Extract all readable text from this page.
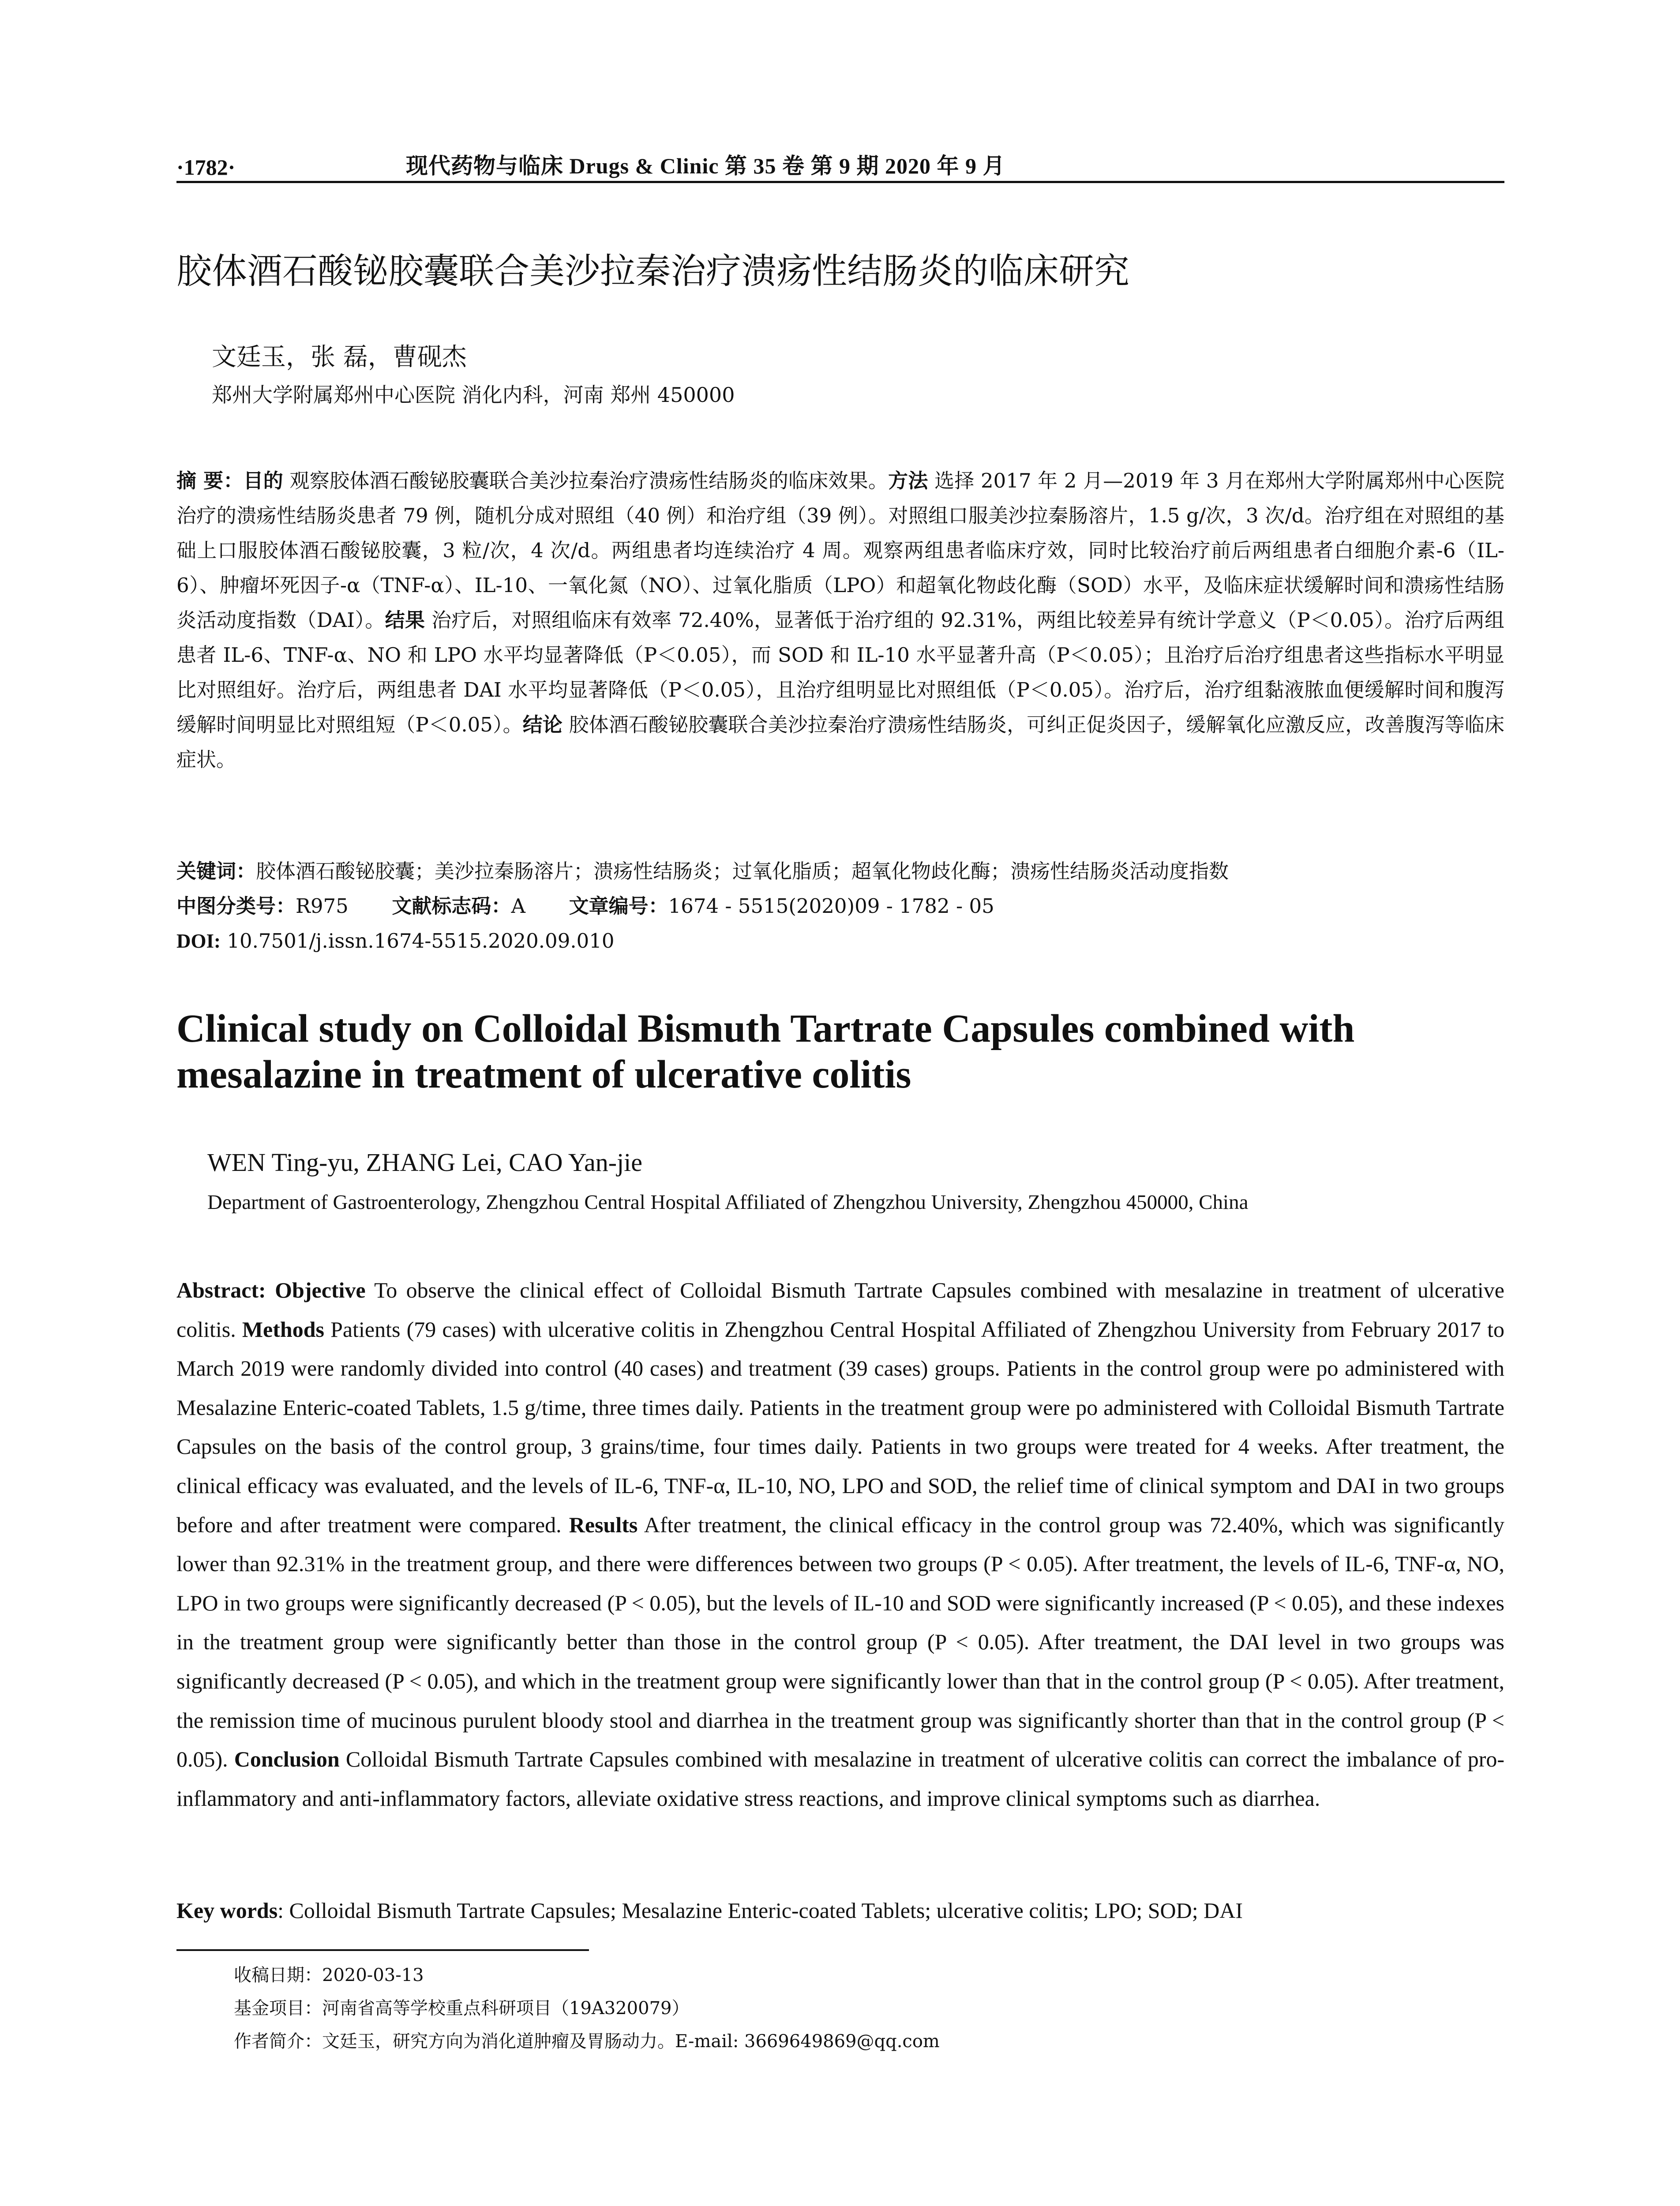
·1782·	现代药物与临床 Drugs & Clinic 第 35 卷 第 9 期 2020 年 9 月
胶体酒石酸铋胶囊联合美沙拉秦治疗溃疡性结肠炎的临床研究
文廷玉，张 磊，曹砚杰
郑州大学附属郑州中心医院 消化内科，河南 郑州 450000
摘 要：目的 观察胶体酒石酸铋胶囊联合美沙拉秦治疗溃疡性结肠炎的临床效果。方法 选择 2017 年 2 月—2019 年 3 月在郑州大学附属郑州中心医院治疗的溃疡性结肠炎患者 79 例，随机分成对照组（40 例）和治疗组（39 例）。对照组口服美沙拉秦肠溶片，1.5 g/次，3 次/d。治疗组在对照组的基础上口服胶体酒石酸铋胶囊，3 粒/次，4 次/d。两组患者均连续治疗 4 周。观察两组患者临床疗效，同时比较治疗前后两组患者白细胞介素-6（IL-6）、肿瘤坏死因子-α（TNF-α）、IL-10、一氧化氮（NO）、过氧化脂质（LPO）和超氧化物歧化酶（SOD）水平，及临床症状缓解时间和溃疡性结肠炎活动度指数（DAI）。结果 治疗后，对照组临床有效率 72.40%，显著低于治疗组的 92.31%，两组比较差异有统计学意义（P＜0.05）。治疗后两组患者 IL-6、TNF-α、NO 和 LPO 水平均显著降低（P＜0.05），而 SOD 和 IL-10 水平显著升高（P＜0.05）；且治疗后治疗组患者这些指标水平明显比对照组好。治疗后，两组患者 DAI 水平均显著降低（P＜0.05），且治疗组明显比对照组低（P＜0.05）。治疗后，治疗组黏液脓血便缓解时间和腹泻缓解时间明显比对照组短（P＜0.05）。结论 胶体酒石酸铋胶囊联合美沙拉秦治疗溃疡性结肠炎，可纠正促炎因子，缓解氧化应激反应，改善腹泻等临床症状。
关键词：胶体酒石酸铋胶囊；美沙拉秦肠溶片；溃疡性结肠炎；过氧化脂质；超氧化物歧化酶；溃疡性结肠炎活动度指数
中图分类号：R975 文献标志码：A 文章编号：1674 - 5515(2020)09 - 1782 - 05
DOI: 10.7501/j.issn.1674-5515.2020.09.010
Clinical study on Colloidal Bismuth Tartrate Capsules combined with mesalazine in treatment of ulcerative colitis
WEN Ting-yu, ZHANG Lei, CAO Yan-jie
Department of Gastroenterology, Zhengzhou Central Hospital Affiliated of Zhengzhou University, Zhengzhou 450000, China
Abstract: Objective To observe the clinical effect of Colloidal Bismuth Tartrate Capsules combined with mesalazine in treatment of ulcerative colitis. Methods Patients (79 cases) with ulcerative colitis in Zhengzhou Central Hospital Affiliated of Zhengzhou University from February 2017 to March 2019 were randomly divided into control (40 cases) and treatment (39 cases) groups. Patients in the control group were po administered with Mesalazine Enteric-coated Tablets, 1.5 g/time, three times daily. Patients in the treatment group were po administered with Colloidal Bismuth Tartrate Capsules on the basis of the control group, 3 grains/time, four times daily. Patients in two groups were treated for 4 weeks. After treatment, the clinical efficacy was evaluated, and the levels of IL-6, TNF-α, IL-10, NO, LPO and SOD, the relief time of clinical symptom and DAI in two groups before and after treatment were compared. Results After treatment, the clinical efficacy in the control group was 72.40%, which was significantly lower than 92.31% in the treatment group, and there were differences between two groups (P < 0.05). After treatment, the levels of IL-6, TNF-α, NO, LPO in two groups were significantly decreased (P < 0.05), but the levels of IL-10 and SOD were significantly increased (P < 0.05), and these indexes in the treatment group were significantly better than those in the control group (P < 0.05). After treatment, the DAI level in two groups was significantly decreased (P < 0.05), and which in the treatment group were significantly lower than that in the control group (P < 0.05). After treatment, the remission time of mucinous purulent bloody stool and diarrhea in the treatment group was significantly shorter than that in the control group (P < 0.05). Conclusion Colloidal Bismuth Tartrate Capsules combined with mesalazine in treatment of ulcerative colitis can correct the imbalance of pro-inflammatory and anti-inflammatory factors, alleviate oxidative stress reactions, and improve clinical symptoms such as diarrhea.
Key words: Colloidal Bismuth Tartrate Capsules; Mesalazine Enteric-coated Tablets; ulcerative colitis; LPO; SOD; DAI
收稿日期：2020-03-13
基金项目：河南省高等学校重点科研项目（19A320079）
作者简介：文廷玉，研究方向为消化道肿瘤及胃肠动力。E-mail: 3669649869@qq.com
